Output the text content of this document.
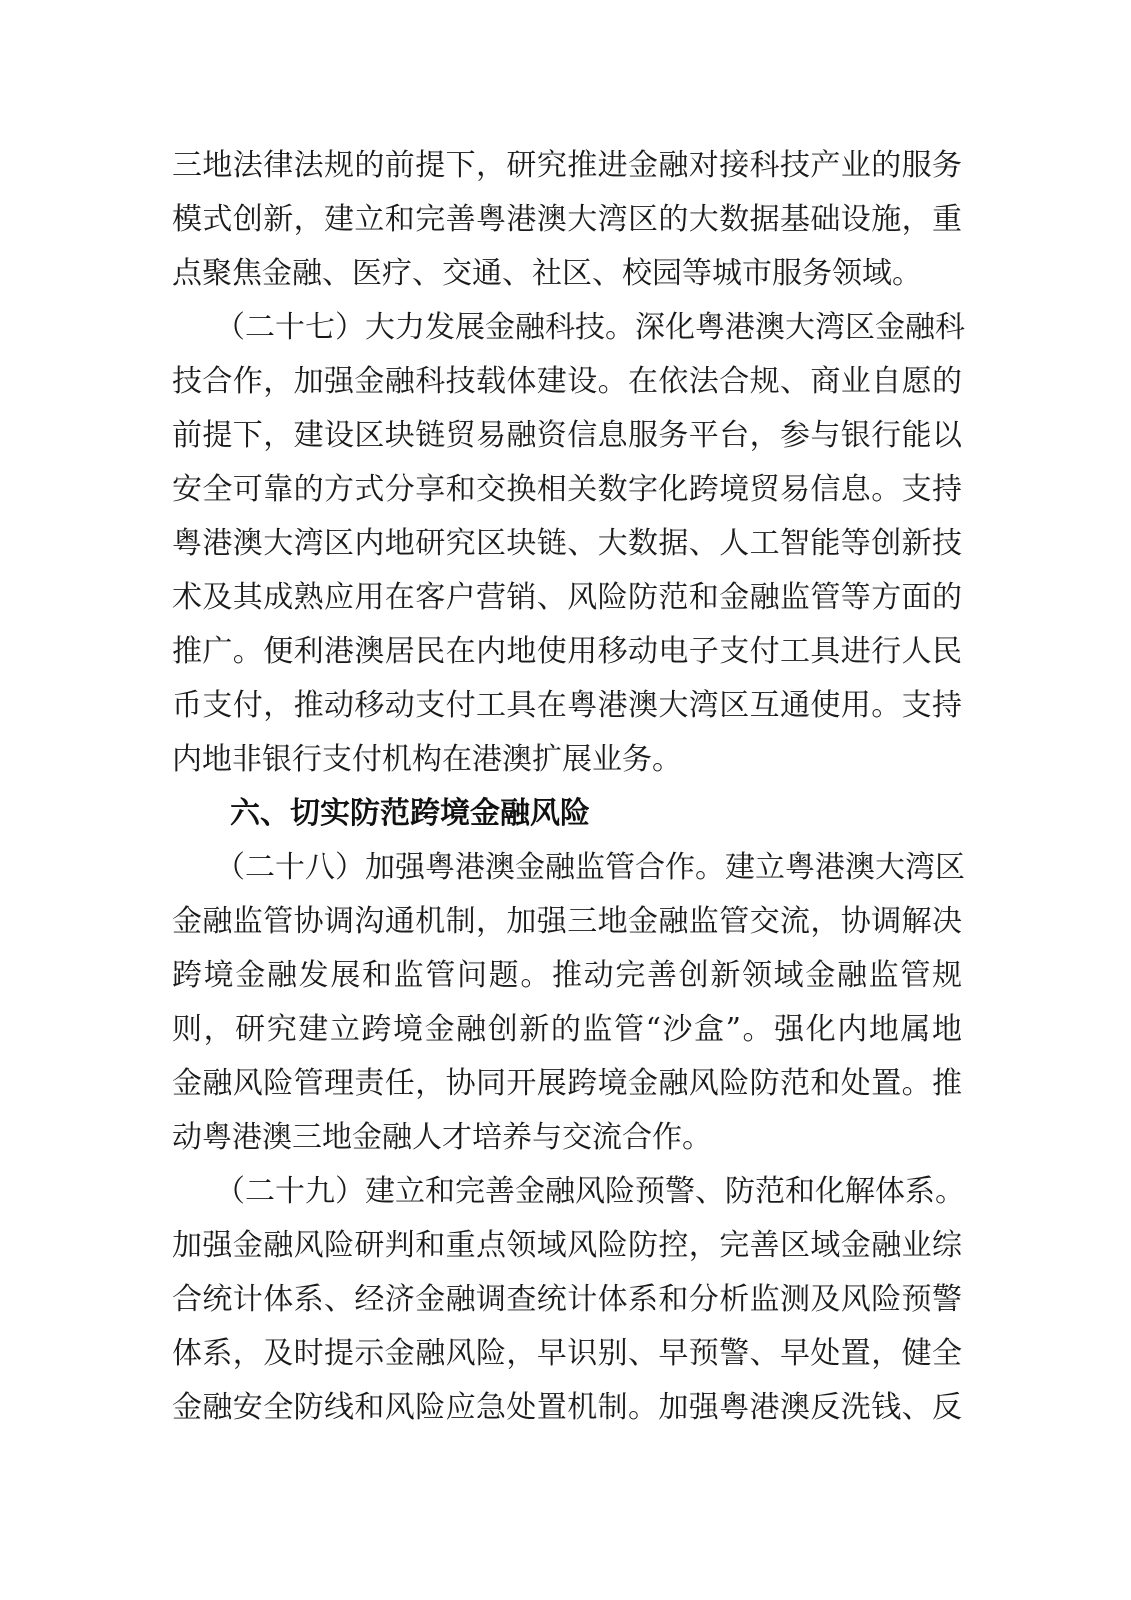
三地法律法规的前提下，研究推进金融对接科技产业的服务
模式创新，建立和完善粤港澳大湾区的大数据基础设施，重
点聚焦金融、医疗、交通、社区、校园等城市服务领域。
（二十七）大力发展金融科技。深化粤港澳大湾区金融科
技合作，加强金融科技载体建设。在依法合规、商业自愿的
前提下，建设区块链贸易融资信息服务平台，参与银行能以
安全可靠的方式分享和交换相关数字化跨境贸易信息。支持
粤港澳大湾区内地研究区块链、大数据、人工智能等创新技
术及其成熟应用在客户营销、风险防范和金融监管等方面的
推广。便利港澳居民在内地使用移动电子支付工具进行人民
币支付，推动移动支付工具在粤港澳大湾区互通使用。支持
内地非银行支付机构在港澳扩展业务。
六、切实防范跨境金融风险
（二十八）加强粤港澳金融监管合作。建立粤港澳大湾区
金融监管协调沟通机制，加强三地金融监管交流，协调解决
跨境金融发展和监管问题。推动完善创新领域金融监管规
则，研究建立跨境金融创新的监管“沙盒”。强化内地属地
金融风险管理责任，协同开展跨境金融风险防范和处置。推
动粤港澳三地金融人才培养与交流合作。
（二十九）建立和完善金融风险预警、防范和化解体系。
加强金融风险研判和重点领域风险防控，完善区域金融业综
合统计体系、经济金融调查统计体系和分析监测及风险预警
体系，及时提示金融风险，早识别、早预警、早处置，健全
金融安全防线和风险应急处置机制。加强粤港澳反洗钱、反
